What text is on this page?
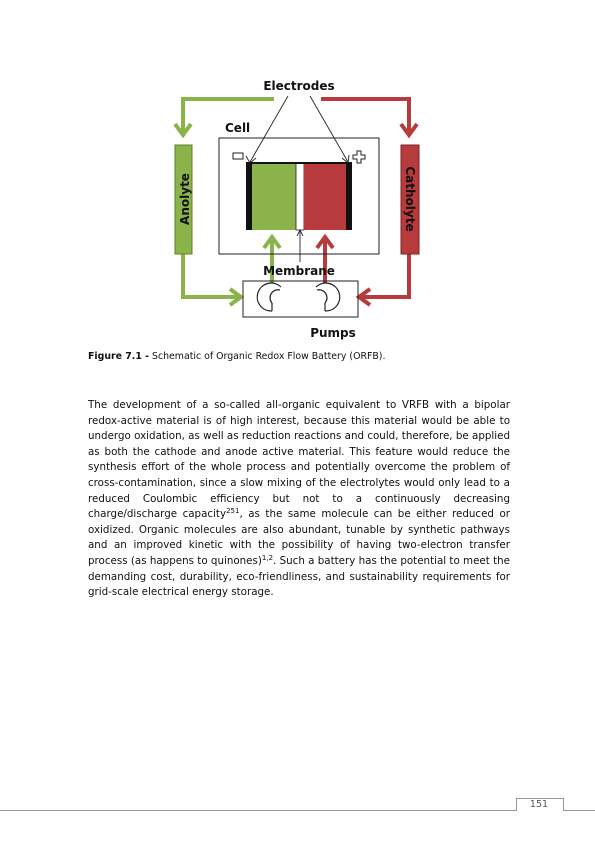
Anolyte	Catholyte
Cell
Electrodes
Membrane
Pumps
Figure 7.1 - Schematic of Organic Redox Flow Battery (ORFB).

The development of a so-called all-organic equivalent to VRFB with a bipolar redox-active material is of high interest, because this material would be able to undergo oxidation, as well as reduction reactions and could, therefore, be applied as both the cathode and anode active material. This feature would reduce the synthesis effort of the whole process and potentially overcome the problem of cross-contamination, since a slow mixing of the electrolytes would only lead to a reduced Coulombic efficiency but not to a continuously decreasing charge/discharge capacity$^{251}$, as the same molecule can be either reduced or oxidized. Organic molecules are also abundant, tunable by synthetic pathways and an improved kinetic with the possibility of having two-electron transfer process (as happens to quinones)$^{1,2}$. Such a battery has the potential to meet the demanding cost, durability, eco-friendliness, and sustainability requirements for grid-scale electrical energy storage.

151
